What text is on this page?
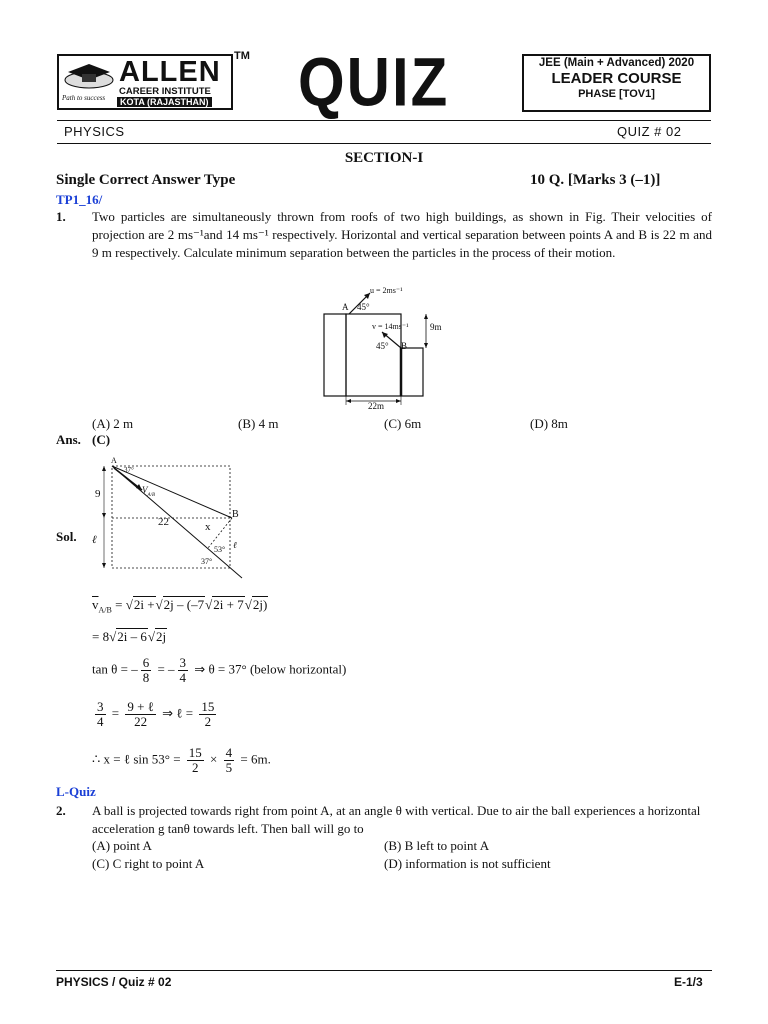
ALLEN
CAREER INSTITUTE
KOTA (RAJASTHAN)
Path to success
TM QUIZ	JEE (Main + Advanced) 2020
LEADER COURSE
PHASE [TOV1]
PHYSICS	QUIZ # 02
SECTION-I
Single Correct Answer Type	10 Q. [Marks 3 (–1)]
TP1_16/
1. Two particles are simultaneously thrown from roofs of two high buildings, as shown in Fig. Their velocities of projection are 2 ms⁻¹and 14 ms⁻¹ respectively. Horizontal and vertical separation between points A and B is 22 m and 9 m respectively. Calculate minimum separation between the particles in the process of their motion.
A 45°
u = 2ms⁻¹
v = 14ms⁻¹
45° B
9m
22m
(A) 2 m	(B) 4 m	(C) 6m	(D) 8m
Ans. (C)
Sol.
A
37°
$V_{A/B}$
9
B
22	x
ℓ	ℓ
53°
37°
$\overline{v}_{A/B} = √2i +√2j - (-7√2i + 7√2j)$
= 8√2i – 6√2j
tan θ = – $\frac{6}{8}$ = – $\frac{3}{4}$ ⇒ θ = 37° (below horizontal)
$\frac{3}{4} = \frac{\text{9 + ℓ}}{22}$ ⇒ ℓ = $\frac{15}{2}$
∴ x = ℓ $\sin 53^\circ = \frac{15}{2} \times \frac{4}{5} = 6m$.
L-Quiz
2. A ball is projected towards right from point A, at an angle θ with vertical. Due to air the ball experiences a horizontal acceleration g tanθ towards left. Then ball will go to
(A) point A	(B) B left to point A
(C) C right to point A	(D) information is not sufficient
PHYSICS / Quiz # 02	E-1/3
